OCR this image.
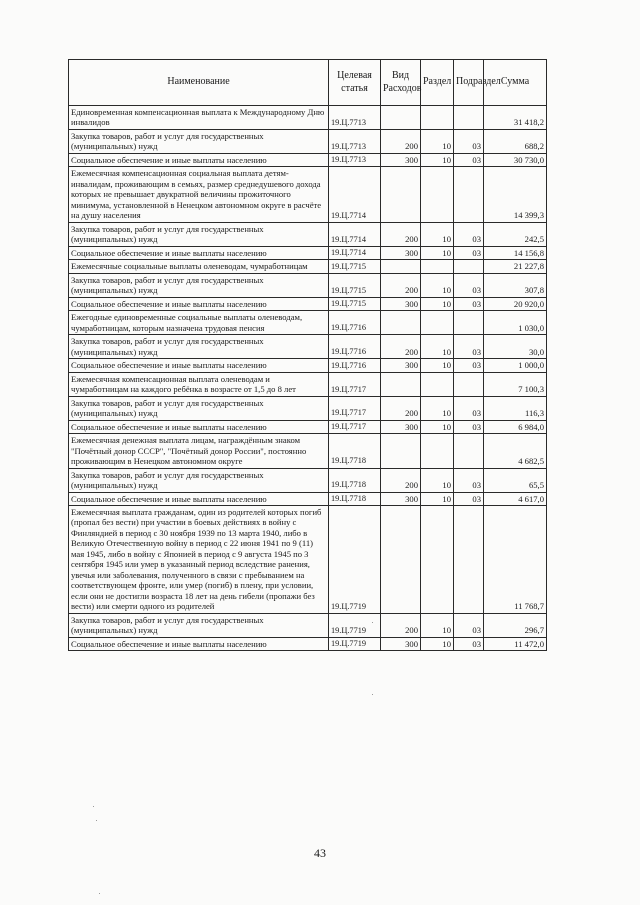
Наименование	Целевая статья	Вид Расходов	Раздел	Подраздел	Сумма
Единовременная компенсационная выплата к Международному Дню инвалидов	19.Ц.7713				31 418,2
Закупка товаров, работ и услуг для государственных (муниципальных) нужд	19.Ц.7713	200	10	03	688,2
Социальное обеспечение и иные выплаты населению	19.Ц.7713	300	10	03	30 730,0
Ежемесячная компенсационная социальная выплата детям-инвалидам, проживающим в семьях, размер среднедушевого дохода которых не превышает двукратной величины прожиточного минимума, установленной в Ненецком автономном округе в расчёте на душу населения	19.Ц.7714				14 399,3
Закупка товаров, работ и услуг для государственных (муниципальных) нужд	19.Ц.7714	200	10	03	242,5
Социальное обеспечение и иные выплаты населению	19.Ц.7714	300	10	03	14 156,8
Ежемесячные социальные выплаты оленеводам, чумработницам	19.Ц.7715				21 227,8
Закупка товаров, работ и услуг для государственных (муниципальных) нужд	19.Ц.7715	200	10	03	307,8
Социальное обеспечение и иные выплаты населению	19.Ц.7715	300	10	03	20 920,0
Ежегодные единовременные социальные выплаты оленеводам, чумработницам, которым назначена трудовая пенсия	19.Ц.7716				1 030,0
Закупка товаров, работ и услуг для государственных (муниципальных) нужд	19.Ц.7716	200	10	03	30,0
Социальное обеспечение и иные выплаты населению	19.Ц.7716	300	10	03	1 000,0
Ежемесячная компенсационная выплата оленеводам и чумработницам на каждого ребёнка в возрасте от 1,5 до 8 лет	19.Ц.7717				7 100,3
Закупка товаров, работ и услуг для государственных (муниципальных) нужд	19.Ц.7717	200	10	03	116,3
Социальное обеспечение и иные выплаты населению	19.Ц.7717	300	10	03	6 984,0
Ежемесячная денежная выплата лицам, награждённым знаком "Почётный донор СССР", "Почётный донор России", постоянно проживающим в Ненецком автономном округе	19.Ц.7718				4 682,5
Закупка товаров, работ и услуг для государственных (муниципальных) нужд	19.Ц.7718	200	10	03	65,5
Социальное обеспечение и иные выплаты населению	19.Ц.7718	300	10	03	4 617,0
Ежемесячная выплата гражданам, один из родителей которых погиб (пропал без вести) при участии в боевых действиях в войну с Финляндией в период с 30 ноября 1939 по 13 марта 1940, либо в Великую Отечественную войну в период с 22 июня 1941 по 9 (11) мая 1945, либо в войну с Японией в период с 9 августа 1945 по 3 сентября 1945 или умер в указанный период вследствие ранения, увечья или заболевания, полученного в связи с пребыванием на соответствующем фронте, или умер (погиб) в плену, при условии, если они не достигли возраста 18 лет на день гибели (пропажи без вести) или смерти одного из родителей	19.Ц.7719				11 768,7
Закупка товаров, работ и услуг для государственных (муниципальных) нужд	19.Ц.7719	200	10	03	296,7
Социальное обеспечение и иные выплаты населению	19.Ц.7719	300	10	03	11 472,0
43
